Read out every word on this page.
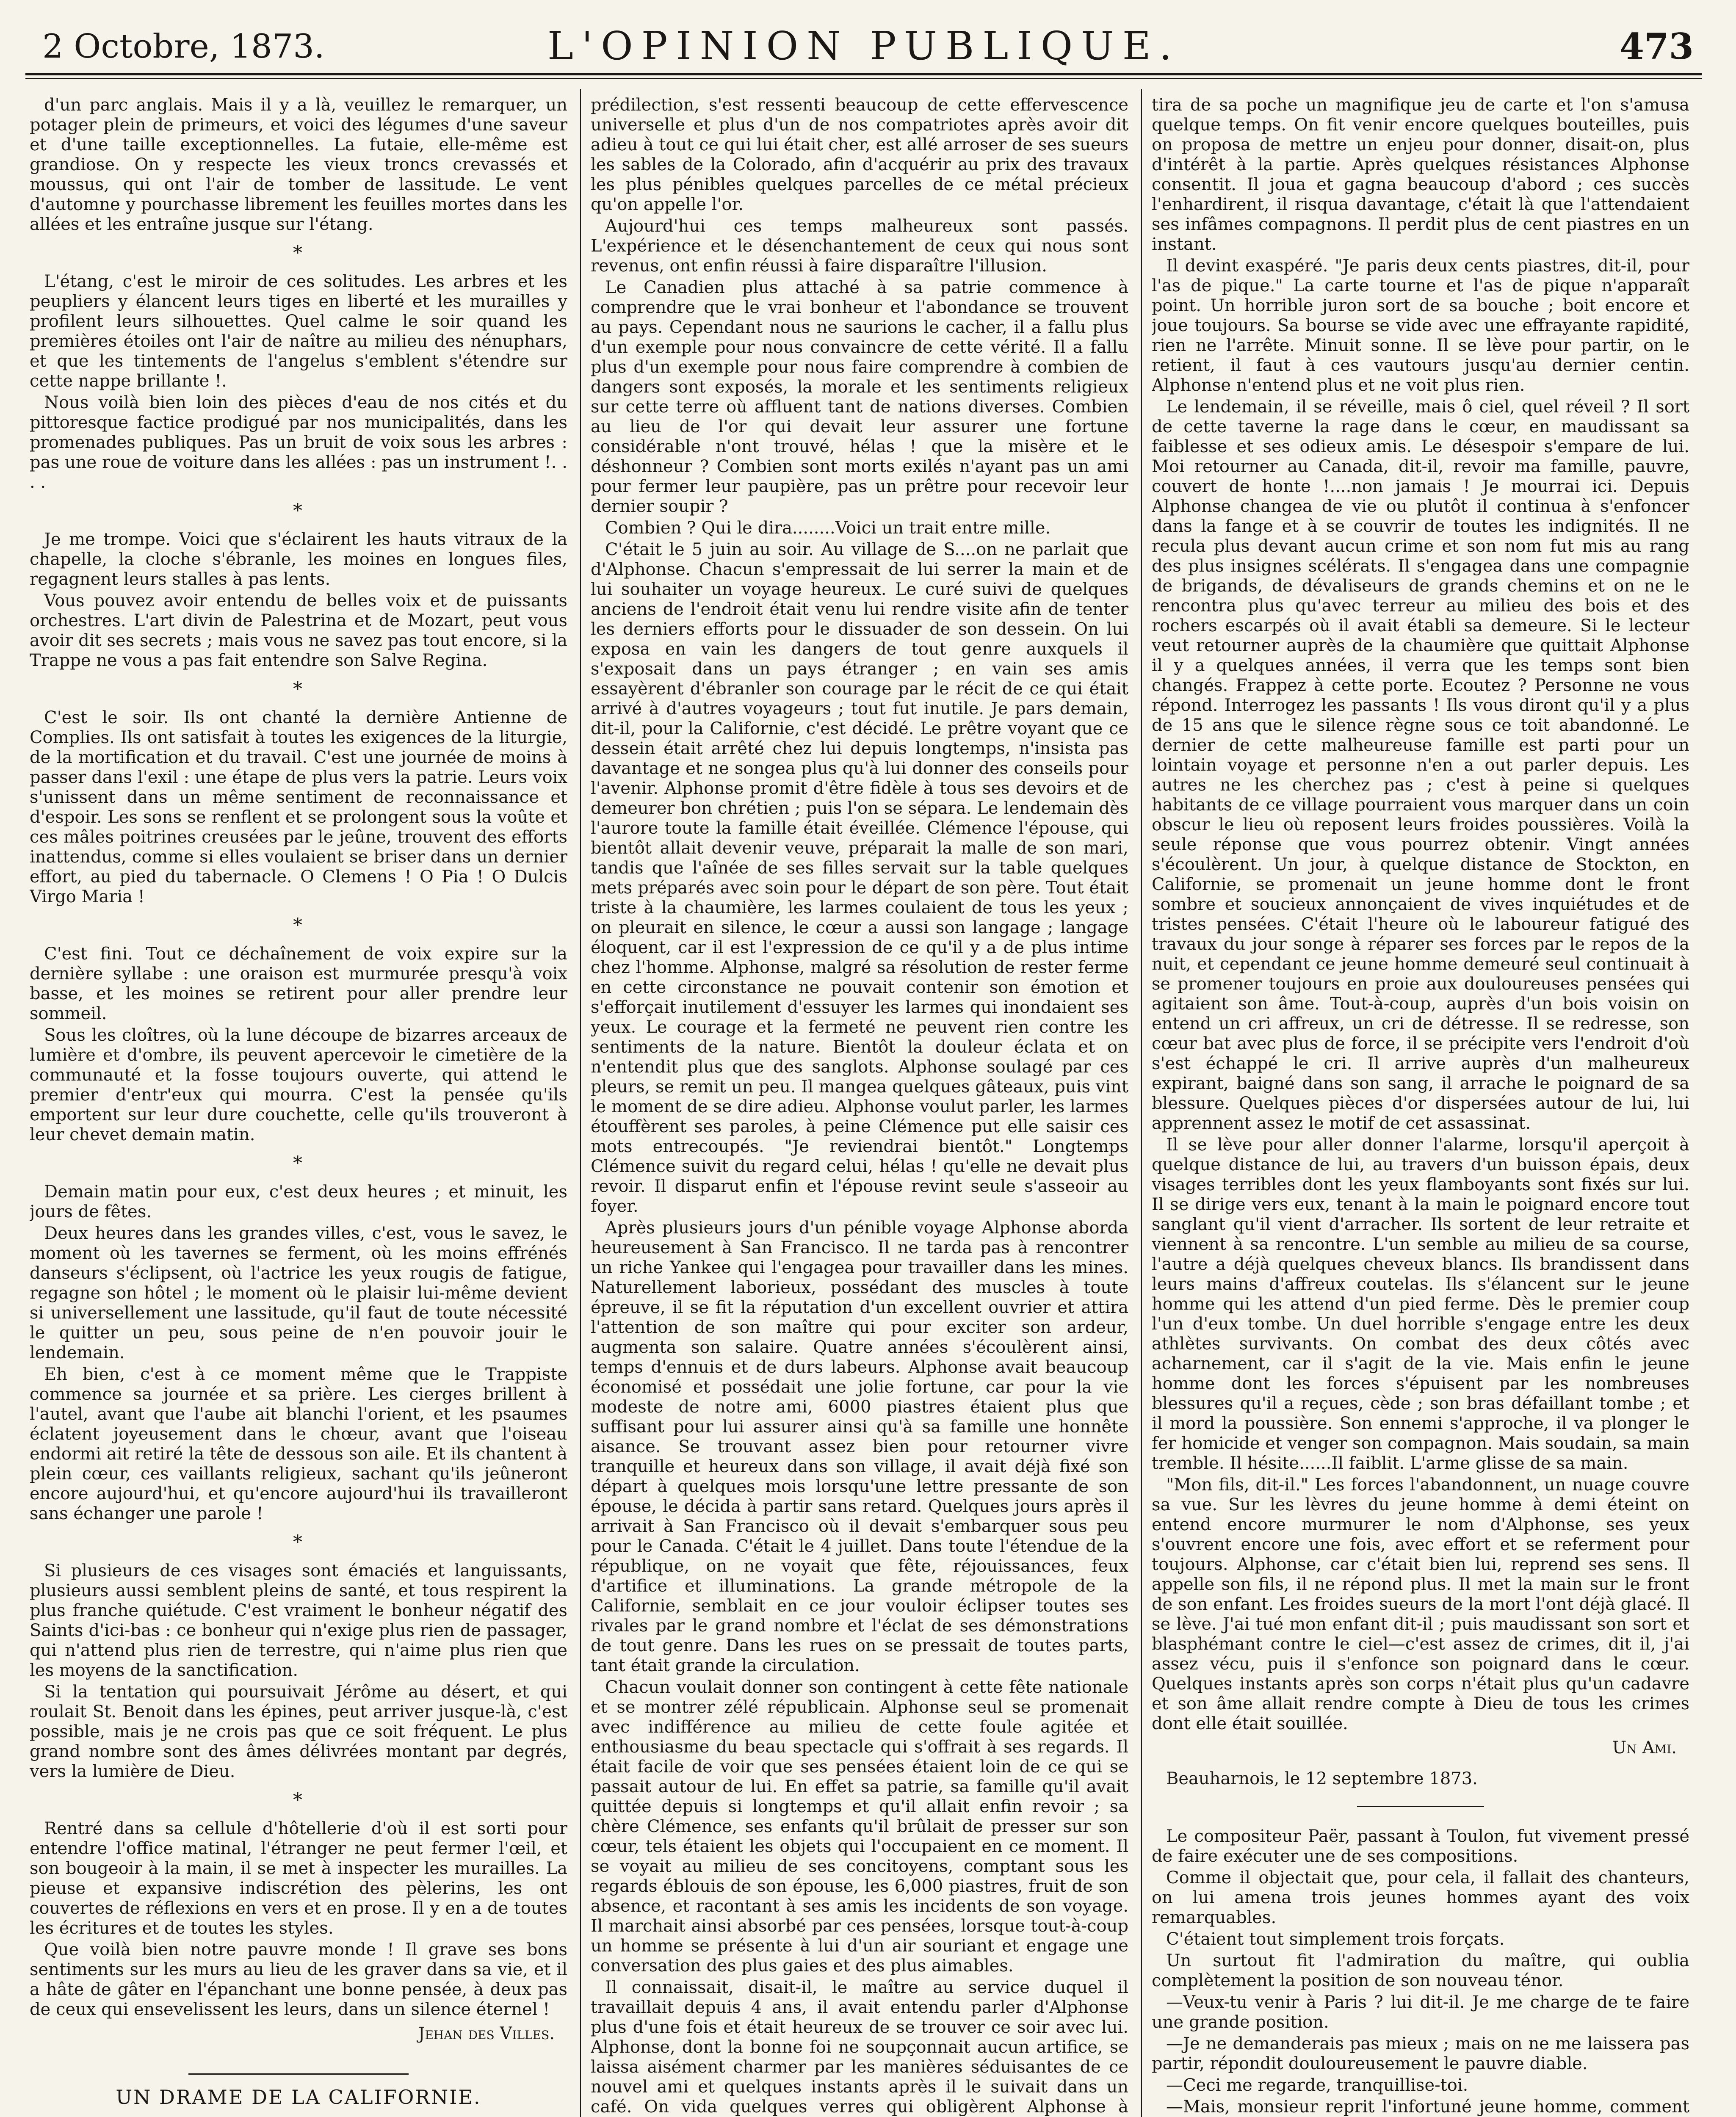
2 Octobre, 1873.	L'OPINION PUBLIQUE.	473

d'un parc anglais. Mais il y a là, veuillez le remarquer, un potager plein de primeurs, et voici des légumes d'une saveur et d'une taille exceptionnelles. La futaie, elle-même est grandiose. On y respecte les vieux troncs crevassés et moussus, qui ont l'air de tomber de lassitude. Le vent d'automne y pourchasse librement les feuilles mortes dans les allées et les entraîne jusque sur l'étang.

*

L'étang, c'est le miroir de ces solitudes. Les arbres et les peupliers y élancent leurs tiges en liberté et les murailles y profilent leurs silhouettes. Quel calme le soir quand les premières étoiles ont l'air de naître au milieu des nénuphars, et que les tintements de l'angelus s'emblent s'étendre sur cette nappe brillante !.

Nous voilà bien loin des pièces d'eau de nos cités et du pittoresque factice prodigué par nos municipalités, dans les promenades publiques. Pas un bruit de voix sous les arbres : pas une roue de voiture dans les allées : pas un instrument !. . . .

*

Je me trompe. Voici que s'éclairent les hauts vitraux de la chapelle, la cloche s'ébranle, les moines en longues files, regagnent leurs stalles à pas lents.

Vous pouvez avoir entendu de belles voix et de puissants orchestres. L'art divin de Palestrina et de Mozart, peut vous avoir dit ses secrets ; mais vous ne savez pas tout encore, si la Trappe ne vous a pas fait entendre son Salve Regina.

*

C'est le soir. Ils ont chanté la dernière Antienne de Complies. Ils ont satisfait à toutes les exigences de la liturgie, de la mortification et du travail. C'est une journée de moins à passer dans l'exil : une étape de plus vers la patrie. Leurs voix s'unissent dans un même sentiment de reconnaissance et d'espoir. Les sons se renflent et se prolongent sous la voûte et ces mâles poitrines creusées par le jeûne, trouvent des efforts inattendus, comme si elles voulaient se briser dans un dernier effort, au pied du tabernacle. O Clemens ! O Pia ! O Dulcis Virgo Maria !

*

C'est fini. Tout ce déchaînement de voix expire sur la dernière syllabe : une oraison est murmurée presqu'à voix basse, et les moines se retirent pour aller prendre leur sommeil.

Sous les cloîtres, où la lune découpe de bizarres arceaux de lumière et d'ombre, ils peuvent apercevoir le cimetière de la communauté et la fosse toujours ouverte, qui attend le premier d'entr'eux qui mourra. C'est la pensée qu'ils emportent sur leur dure couchette, celle qu'ils trouveront à leur chevet demain matin.

*

Demain matin pour eux, c'est deux heures ; et minuit, les jours de fêtes.

Deux heures dans les grandes villes, c'est, vous le savez, le moment où les tavernes se ferment, où les moins effrénés danseurs s'éclipsent, où l'actrice les yeux rougis de fatigue, regagne son hôtel ; le moment où le plaisir lui-même devient si universellement une lassitude, qu'il faut de toute nécessité le quitter un peu, sous peine de n'en pouvoir jouir le lendemain.

Eh bien, c'est à ce moment même que le Trappiste commence sa journée et sa prière. Les cierges brillent à l'autel, avant que l'aube ait blanchi l'orient, et les psaumes éclatent joyeusement dans le chœur, avant que l'oiseau endormi ait retiré la tête de dessous son aile. Et ils chantent à plein cœur, ces vaillants religieux, sachant qu'ils jeûneront encore aujourd'hui, et qu'encore aujourd'hui ils travailleront sans échanger une parole !

*

Si plusieurs de ces visages sont émaciés et languissants, plusieurs aussi semblent pleins de santé, et tous respirent la plus franche quiétude. C'est vraiment le bonheur négatif des Saints d'ici-bas : ce bonheur qui n'exige plus rien de passager, qui n'attend plus rien de terrestre, qui n'aime plus rien que les moyens de la sanctification.

Si la tentation qui poursuivait Jérôme au désert, et qui roulait St. Benoit dans les épines, peut arriver jusque-là, c'est possible, mais je ne crois pas que ce soit fréquent. Le plus grand nombre sont des âmes délivrées montant par degrés, vers la lumière de Dieu.

*

Rentré dans sa cellule d'hôtellerie d'où il est sorti pour entendre l'office matinal, l'étranger ne peut fermer l'œil, et son bougeoir à la main, il se met à inspecter les murailles. La pieuse et expansive indiscrétion des pèlerins, les ont couvertes de réflexions en vers et en prose. Il y en a de toutes les écritures et de toutes les styles.

Que voilà bien notre pauvre monde ! Il grave ses bons sentiments sur les murs au lieu de les graver dans sa vie, et il a hâte de gâter en l'épanchant une bonne pensée, à deux pas de ceux qui ensevelissent les leurs, dans un silence éternel !

Jehan des Villes.
UN DRAME DE LA CALIFORNIE.

prédilection, s'est ressenti beaucoup de cette effervescence universelle et plus d'un de nos compatriotes après avoir dit adieu à tout ce qui lui était cher, est allé arroser de ses sueurs les sables de la Colorado, afin d'acquérir au prix des travaux les plus pénibles quelques parcelles de ce métal précieux qu'on appelle l'or.

Aujourd'hui ces temps malheureux sont passés. L'expérience et le désenchantement de ceux qui nous sont revenus, ont enfin réussi à faire disparaître l'illusion.

Le Canadien plus attaché à sa patrie commence à comprendre que le vrai bonheur et l'abondance se trouvent au pays. Cependant nous ne saurions le cacher, il a fallu plus d'un exemple pour nous convaincre de cette vérité. Il a fallu plus d'un exemple pour nous faire comprendre à combien de dangers sont exposés, la morale et les sentiments religieux sur cette terre où affluent tant de nations diverses. Combien au lieu de l'or qui devait leur assurer une fortune considérable n'ont trouvé, hélas ! que la misère et le déshonneur ? Combien sont morts exilés n'ayant pas un ami pour fermer leur paupière, pas un prêtre pour recevoir leur dernier soupir ?

Combien ? Qui le dira........Voici un trait entre mille.

C'était le 5 juin au soir. Au village de S....on ne parlait que d'Alphonse. Chacun s'empressait de lui serrer la main et de lui souhaiter un voyage heureux. Le curé suivi de quelques anciens de l'endroit était venu lui rendre visite afin de tenter les derniers efforts pour le dissuader de son dessein. On lui exposa en vain les dangers de tout genre auxquels il s'exposait dans un pays étranger ; en vain ses amis essayèrent d'ébranler son courage par le récit de ce qui était arrivé à d'autres voyageurs ; tout fut inutile. Je pars demain, dit-il, pour la Californie, c'est décidé. Le prêtre voyant que ce dessein était arrêté chez lui depuis longtemps, n'insista pas davantage et ne songea plus qu'à lui donner des conseils pour l'avenir. Alphonse promit d'être fidèle à tous ses devoirs et de demeurer bon chrétien ; puis l'on se sépara. Le lendemain dès l'aurore toute la famille était éveillée. Clémence l'épouse, qui bientôt allait devenir veuve, préparait la malle de son mari, tandis que l'aînée de ses filles servait sur la table quelques mets préparés avec soin pour le départ de son père. Tout était triste à la chaumière, les larmes coulaient de tous les yeux ; on pleurait en silence, le cœur a aussi son langage ; langage éloquent, car il est l'expression de ce qu'il y a de plus intime chez l'homme. Alphonse, malgré sa résolution de rester ferme en cette circonstance ne pouvait contenir son émotion et s'efforçait inutilement d'essuyer les larmes qui inondaient ses yeux. Le courage et la fermeté ne peuvent rien contre les sentiments de la nature. Bientôt la douleur éclata et on n'entendit plus que des sanglots. Alphonse soulagé par ces pleurs, se remit un peu. Il mangea quelques gâteaux, puis vint le moment de se dire adieu. Alphonse voulut parler, les larmes étouffèrent ses paroles, à peine Clémence put elle saisir ces mots entrecoupés. "Je reviendrai bientôt." Longtemps Clémence suivit du regard celui, hélas ! qu'elle ne devait plus revoir. Il disparut enfin et l'épouse revint seule s'asseoir au foyer.

Après plusieurs jours d'un pénible voyage Alphonse aborda heureusement à San Francisco. Il ne tarda pas à rencontrer un riche Yankee qui l'engagea pour travailler dans les mines. Naturellement laborieux, possédant des muscles à toute épreuve, il se fit la réputation d'un excellent ouvrier et attira l'attention de son maître qui pour exciter son ardeur, augmenta son salaire. Quatre années s'écoulèrent ainsi, temps d'ennuis et de durs labeurs. Alphonse avait beaucoup économisé et possédait une jolie fortune, car pour la vie modeste de notre ami, 6000 piastres étaient plus que suffisant pour lui assurer ainsi qu'à sa famille une honnête aisance. Se trouvant assez bien pour retourner vivre tranquille et heureux dans son village, il avait déjà fixé son départ à quelques mois lorsqu'une lettre pressante de son épouse, le décida à partir sans retard. Quelques jours après il arrivait à San Francisco où il devait s'embarquer sous peu pour le Canada. C'était le 4 juillet. Dans toute l'étendue de la république, on ne voyait que fête, réjouissances, feux d'artifice et illuminations. La grande métropole de la Californie, semblait en ce jour vouloir éclipser toutes ses rivales par le grand nombre et l'éclat de ses démonstrations de tout genre. Dans les rues on se pressait de toutes parts, tant était grande la circulation.

Chacun voulait donner son contingent à cette fête nationale et se montrer zélé républicain. Alphonse seul se promenait avec indifférence au milieu de cette foule agitée et enthousiasme du beau spectacle qui s'offrait à ses regards. Il était facile de voir que ses pensées étaient loin de ce qui se passait autour de lui. En effet sa patrie, sa famille qu'il avait quittée depuis si longtemps et qu'il allait enfin revoir ; sa chère Clémence, ses enfants qu'il brûlait de presser sur son cœur, tels étaient les objets qui l'occupaient en ce moment. Il se voyait au milieu de ses concitoyens, comptant sous les regards éblouis de son épouse, les 6,000 piastres, fruit de son absence, et racontant à ses amis les incidents de son voyage. Il marchait ainsi absorbé par ces pensées, lorsque tout-à-coup un homme se présente à lui d'un air souriant et engage une conversation des plus gaies et des plus aimables.

Il connaissait, disait-il, le maître au service duquel il travaillait depuis 4 ans, il avait entendu parler d'Alphonse plus d'une fois et était heureux de se trouver ce soir avec lui. Alphonse, dont la bonne foi ne soupçonnait aucun artifice, se laissa aisément charmer par les manières séduisantes de ce nouvel ami et quelques instants après il le suivait dans un café. On vida quelques verres qui obligèrent Alphonse à

tira de sa poche un magnifique jeu de carte et l'on s'amusa quelque temps. On fit venir encore quelques bouteilles, puis on proposa de mettre un enjeu pour donner, disait-on, plus d'intérêt à la partie. Après quelques résistances Alphonse consentit. Il joua et gagna beaucoup d'abord ; ces succès l'enhardirent, il risqua davantage, c'était là que l'attendaient ses infâmes compagnons. Il perdit plus de cent piastres en un instant.

Il devint exaspéré. "Je paris deux cents piastres, dit-il, pour l'as de pique." La carte tourne et l'as de pique n'apparaît point. Un horrible juron sort de sa bouche ; boit encore et joue toujours. Sa bourse se vide avec une effrayante rapidité, rien ne l'arrête. Minuit sonne. Il se lève pour partir, on le retient, il faut à ces vautours jusqu'au dernier centin. Alphonse n'entend plus et ne voit plus rien.

Le lendemain, il se réveille, mais ô ciel, quel réveil ? Il sort de cette taverne la rage dans le cœur, en maudissant sa faiblesse et ses odieux amis. Le désespoir s'empare de lui. Moi retourner au Canada, dit-il, revoir ma famille, pauvre, couvert de honte !....non jamais ! Je mourrai ici. Depuis Alphonse changea de vie ou plutôt il continua à s'enfoncer dans la fange et à se couvrir de toutes les indignités. Il ne recula plus devant aucun crime et son nom fut mis au rang des plus insignes scélérats. Il s'engagea dans une compagnie de brigands, de dévaliseurs de grands chemins et on ne le rencontra plus qu'avec terreur au milieu des bois et des rochers escarpés où il avait établi sa demeure. Si le lecteur veut retourner auprès de la chaumière que quittait Alphonse il y a quelques années, il verra que les temps sont bien changés. Frappez à cette porte. Ecoutez ? Personne ne vous répond. Interrogez les passants ! Ils vous diront qu'il y a plus de 15 ans que le silence règne sous ce toit abandonné. Le dernier de cette malheureuse famille est parti pour un lointain voyage et personne n'en a out parler depuis. Les autres ne les cherchez pas ; c'est à peine si quelques habitants de ce village pourraient vous marquer dans un coin obscur le lieu où reposent leurs froides poussières. Voilà la seule réponse que vous pourrez obtenir. Vingt années s'écoulèrent. Un jour, à quelque distance de Stockton, en Californie, se promenait un jeune homme dont le front sombre et soucieux annonçaient de vives inquiétudes et de tristes pensées. C'était l'heure où le laboureur fatigué des travaux du jour songe à réparer ses forces par le repos de la nuit, et cependant ce jeune homme demeuré seul continuait à se promener toujours en proie aux douloureuses pensées qui agitaient son âme. Tout-à-coup, auprès d'un bois voisin on entend un cri affreux, un cri de détresse. Il se redresse, son cœur bat avec plus de force, il se précipite vers l'endroit d'où s'est échappé le cri. Il arrive auprès d'un malheureux expirant, baigné dans son sang, il arrache le poignard de sa blessure. Quelques pièces d'or dispersées autour de lui, lui apprennent assez le motif de cet assassinat.

Il se lève pour aller donner l'alarme, lorsqu'il aperçoit à quelque distance de lui, au travers d'un buisson épais, deux visages terribles dont les yeux flamboyants sont fixés sur lui. Il se dirige vers eux, tenant à la main le poignard encore tout sanglant qu'il vient d'arracher. Ils sortent de leur retraite et viennent à sa rencontre. L'un semble au milieu de sa course, l'autre a déjà quelques cheveux blancs. Ils brandissent dans leurs mains d'affreux coutelas. Ils s'élancent sur le jeune homme qui les attend d'un pied ferme. Dès le premier coup l'un d'eux tombe. Un duel horrible s'engage entre les deux athlètes survivants. On combat des deux côtés avec acharnement, car il s'agit de la vie. Mais enfin le jeune homme dont les forces s'épuisent par les nombreuses blessures qu'il a reçues, cède ; son bras défaillant tombe ; et il mord la poussière. Son ennemi s'approche, il va plonger le fer homicide et venger son compagnon. Mais soudain, sa main tremble. Il hésite......Il faiblit. L'arme glisse de sa main.

"Mon fils, dit-il." Les forces l'abandonnent, un nuage couvre sa vue. Sur les lèvres du jeune homme à demi éteint on entend encore murmurer le nom d'Alphonse, ses yeux s'ouvrent encore une fois, avec effort et se referment pour toujours. Alphonse, car c'était bien lui, reprend ses sens. Il appelle son fils, il ne répond plus. Il met la main sur le front de son enfant. Les froides sueurs de la mort l'ont déjà glacé. Il se lève. J'ai tué mon enfant dit-il ; puis maudissant son sort et blasphémant contre le ciel—c'est assez de crimes, dit il, j'ai assez vécu, puis il s'enfonce son poignard dans le cœur. Quelques instants après son corps n'était plus qu'un cadavre et son âme allait rendre compte à Dieu de tous les crimes dont elle était souillée.

Un Ami.
Beauharnois, le 12 septembre 1873.

Le compositeur Paër, passant à Toulon, fut vivement pressé de faire exécuter une de ses compositions.

Comme il objectait que, pour cela, il fallait des chanteurs, on lui amena trois jeunes hommes ayant des voix remarquables.

C'étaient tout simplement trois forçats.

Un surtout fit l'admiration du maître, qui oublia complètement la position de son nouveau ténor.

—Veux-tu venir à Paris ? lui dit-il. Je me charge de te faire une grande position.

—Je ne demanderais pas mieux ; mais on ne me laissera pas partir, répondit douloureusement le pauvre diable.

—Ceci me regarde, tranquillise-toi.

—Mais, monsieur reprit l'infortuné jeune homme, comment
